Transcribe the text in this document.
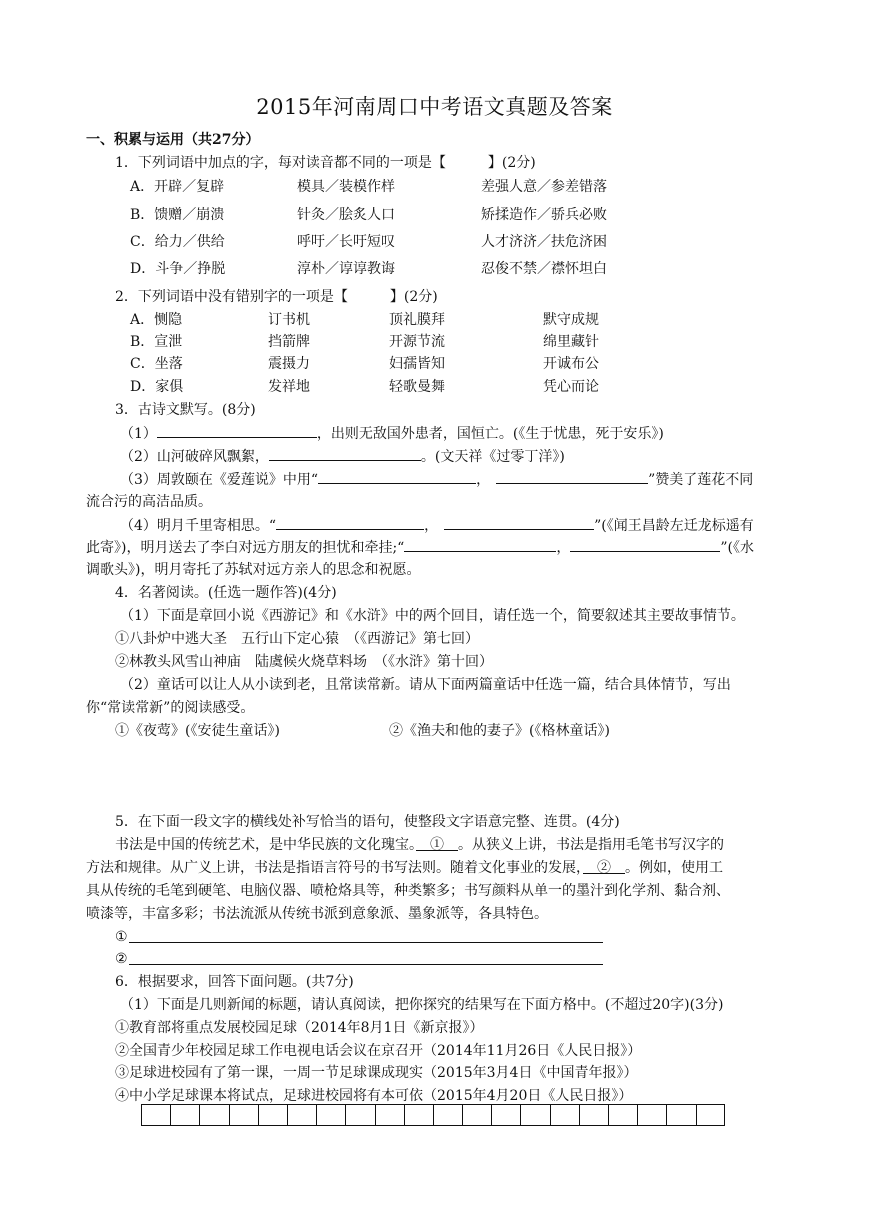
2015年河南周口中考语文真题及答案
一、积累与运用（共27分）
1．下列词语中加点的字，每对读音都不同的一项是【	】(2分)
A．开辟／复辟	模具／装模作样	差强人意／参差错落
B．馈赠／崩溃	针灸／脍炙人口	矫揉造作／骄兵必败
C．给力／供给	呼吁／长吁短叹	人才济济／扶危济困
D．斗争／挣脱	淳朴／谆谆教诲	忍俊不禁／襟怀坦白
2．下列词语中没有错别字的一项是【	】(2分)
A．恻隐	订书机	顶礼膜拜	默守成规
B．宣泄	挡箭牌	开源节流	绵里藏针
C．坐落	震摄力	妇孺皆知	开诚布公
D．家俱	发祥地	轻歌曼舞	凭心而论
3．古诗文默写。(8分)
（1）	，出则无敌国外患者，国恒亡。(《生于忧患，死于安乐》)
（2）山河破碎风飘絮，	。(文天祥《过零丁洋》)
（3）周敦颐在《爱莲说》中用“	，	”赞美了莲花不同
流合污的高洁品质。
（4）明月千里寄相思。“	，	”(《闻王昌龄左迁龙标遥有
此寄》)，明月送去了李白对远方朋友的担忧和牵挂;“	，	”(《水
调歌头》)，明月寄托了苏轼对远方亲人的思念和祝愿。
4．名著阅读。(任选一题作答)(4分)
（1）下面是章回小说《西游记》和《水浒》中的两个回目，请任选一个，简要叙述其主要故事情节。
①八卦炉中逃大圣　五行山下定心猿　（《西游记》第七回）
②林教头风雪山神庙　陆虞候火烧草料场　（《水浒》第十回）
（2）童话可以让人从小读到老，且常读常新。请从下面两篇童话中任选一篇，结合具体情节，写出
你“常读常新”的阅读感受。
①《夜莺》(《安徒生童话》)	②《渔夫和他的妻子》(《格林童话》)
5．在下面一段文字的横线处补写恰当的语句，使整段文字语意完整、连贯。(4分)
书法是中国的传统艺术，是中华民族的文化瑰宝。　①　。从狭义上讲，书法是指用毛笔书写汉字的
方法和规律。从广义上讲，书法是指语言符号的书写法则。随着文化事业的发展，　②　。例如，使用工
具从传统的毛笔到硬笔、电脑仪器、喷枪烙具等，种类繁多；书写颜料从单一的墨汁到化学剂、黏合剂、
喷漆等，丰富多彩；书法流派从传统书派到意象派、墨象派等，各具特色。
①
②
6．根据要求，回答下面问题。(共7分)
（1）下面是几则新闻的标题，请认真阅读，把你探究的结果写在下面方格中。(不超过20字)(3分)
①教育部将重点发展校园足球（2014年8月1日《新京报》）
②全国青少年校园足球工作电视电话会议在京召开（2014年11月26日《人民日报》）
③足球进校园有了第一课，一周一节足球课成现实（2015年3月4日《中国青年报》）
④中小学足球课本将试点，足球进校园将有本可依（2015年4月20日《人民日报》）
